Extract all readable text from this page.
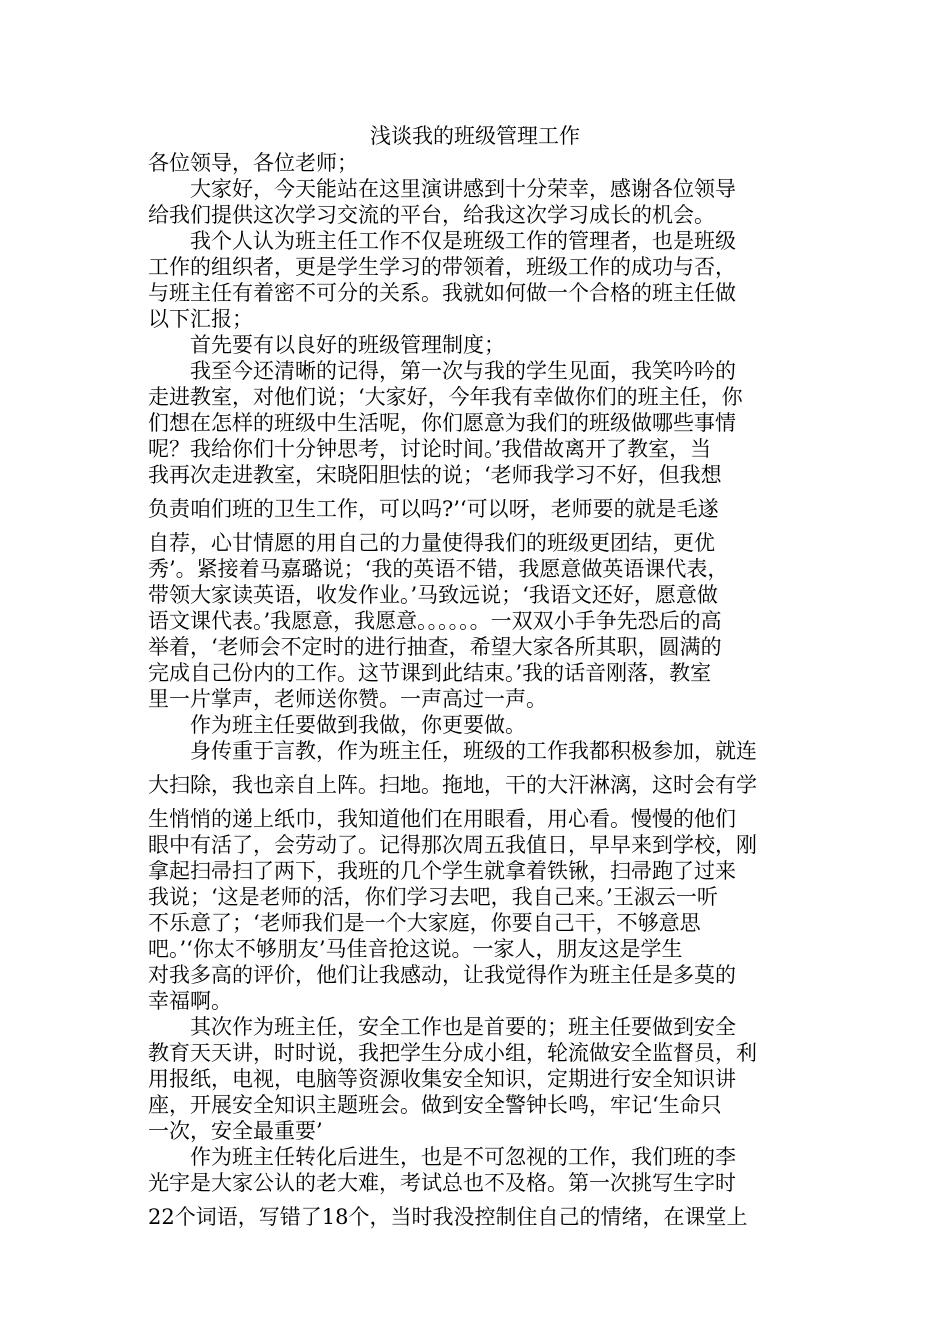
浅谈我的班级管理工作

各位领导，各位老师；

　　大家好，今天能站在这里演讲感到十分荣幸，感谢各位领导

给我们提供这次学习交流的平台，给我这次学习成长的机会。

　　我个人认为班主任工作不仅是班级工作的管理者，也是班级

工作的组织者，更是学生学习的带领着，班级工作的成功与否，

与班主任有着密不可分的关系。我就如何做一个合格的班主任做

以下汇报；

　　首先要有以良好的班级管理制度；

　　我至今还清晰的记得，第一次与我的学生见面，我笑吟吟的

走进教室，对他们说；‘大家好，今年我有幸做你们的班主任，你

们想在怎样的班级中生活呢，你们愿意为我们的班级做哪些事情

呢？我给你们十分钟思考，讨论时间。’我借故离开了教室，当

我再次走进教室，宋晓阳胆怯的说；‘老师我学习不好，但我想

负责咱们班的卫生工作，可以吗?’‘可以呀，老师要的就是毛遂

自荐，心甘情愿的用自己的力量使得我们的班级更团结，更优

秀’。紧接着马嘉璐说；‘我的英语不错，我愿意做英语课代表，

带领大家读英语，收发作业。’马致远说；‘我语文还好，愿意做

语文课代表。’我愿意，我愿意。。。。。。一双双小手争先恐后的高

举着，‘老师会不定时的进行抽查，希望大家各所其职，圆满的

完成自己份内的工作。这节课到此结束。’我的话音刚落，教室

里一片掌声，老师送你赞。一声高过一声。

　　作为班主任要做到我做，你更要做。

　　身传重于言教，作为班主任，班级的工作我都积极参加，就连

大扫除，我也亲自上阵。扫地。拖地，干的大汗淋漓，这时会有学

生悄悄的递上纸巾，我知道他们在用眼看，用心看。慢慢的他们

眼中有活了，会劳动了。记得那次周五我值日，早早来到学校，刚

拿起扫帚扫了两下，我班的几个学生就拿着铁锹，扫帚跑了过来

我说；‘这是老师的活，你们学习去吧，我自己来。’王淑云一听

不乐意了；‘老师我们是一个大家庭，你要自己干，不够意思

吧。’‘你太不够朋友’马佳音抢这说。一家人，朋友这是学生

对我多高的评价，他们让我感动，让我觉得作为班主任是多莫的

幸福啊。

　　其次作为班主任，安全工作也是首要的；班主任要做到安全

教育天天讲，时时说，我把学生分成小组，轮流做安全监督员，利

用报纸，电视，电脑等资源收集安全知识，定期进行安全知识讲

座，开展安全知识主题班会。做到安全警钟长鸣，牢记‘生命只

一次，安全最重要’

　　作为班主任转化后进生，也是不可忽视的工作，我们班的李

光宇是大家公认的老大难，考试总也不及格。第一次挑写生字时

22个词语，写错了18个，当时我没控制住自己的情绪，在课堂上
